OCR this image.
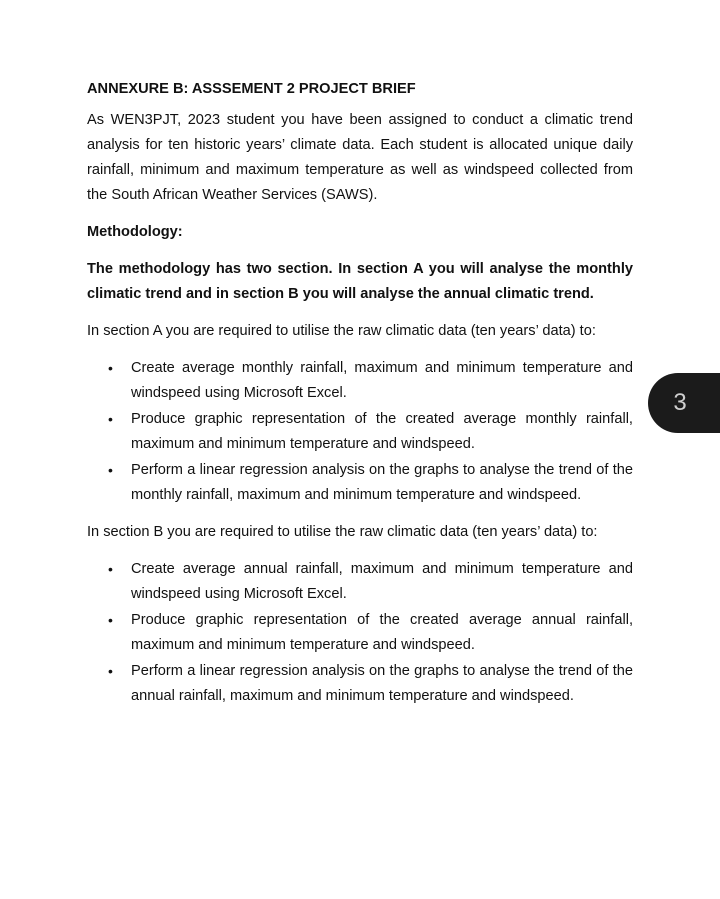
ANNEXURE B: ASSSEMENT 2 PROJECT BRIEF

As WEN3PJT, 2023 student you have been assigned to conduct a climatic trend analysis for ten historic years’ climate data. Each student is allocated unique daily rainfall, minimum and maximum temperature as well as windspeed collected from the South African Weather Services (SAWS).

Methodology:

The methodology has two section. In section A you will analyse the monthly climatic trend and in section B you will analyse the annual climatic trend.

In section A you are required to utilise the raw climatic data (ten years’ data) to:

• Create average monthly rainfall, maximum and minimum temperature and windspeed using Microsoft Excel.
• Produce graphic representation of the created average monthly rainfall, maximum and minimum temperature and windspeed.
• Perform a linear regression analysis on the graphs to analyse the trend of the monthly rainfall, maximum and minimum temperature and windspeed.

In section B you are required to utilise the raw climatic data (ten years’ data) to:

• Create average annual rainfall, maximum and minimum temperature and windspeed using Microsoft Excel.
• Produce graphic representation of the created average annual rainfall, maximum and minimum temperature and windspeed.
• Perform a linear regression analysis on the graphs to analyse the trend of the annual rainfall, maximum and minimum temperature and windspeed.
3
